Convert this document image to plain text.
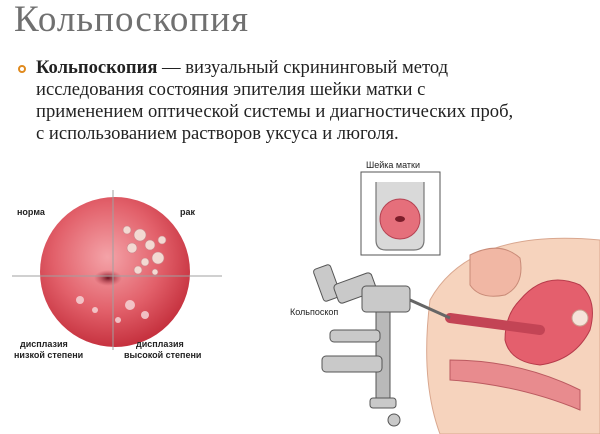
Кольпоскопия
Кольпоскопия — визуальный скрининговый метод исследования состояния эпителия шейки матки с применением оптической системы и диагностических проб, с использованием растворов уксуса и люголя.
норма	рак
дисплазия
низкой степени
дисплазия
высокой степени
Шейка матки
Кольпоскоп
